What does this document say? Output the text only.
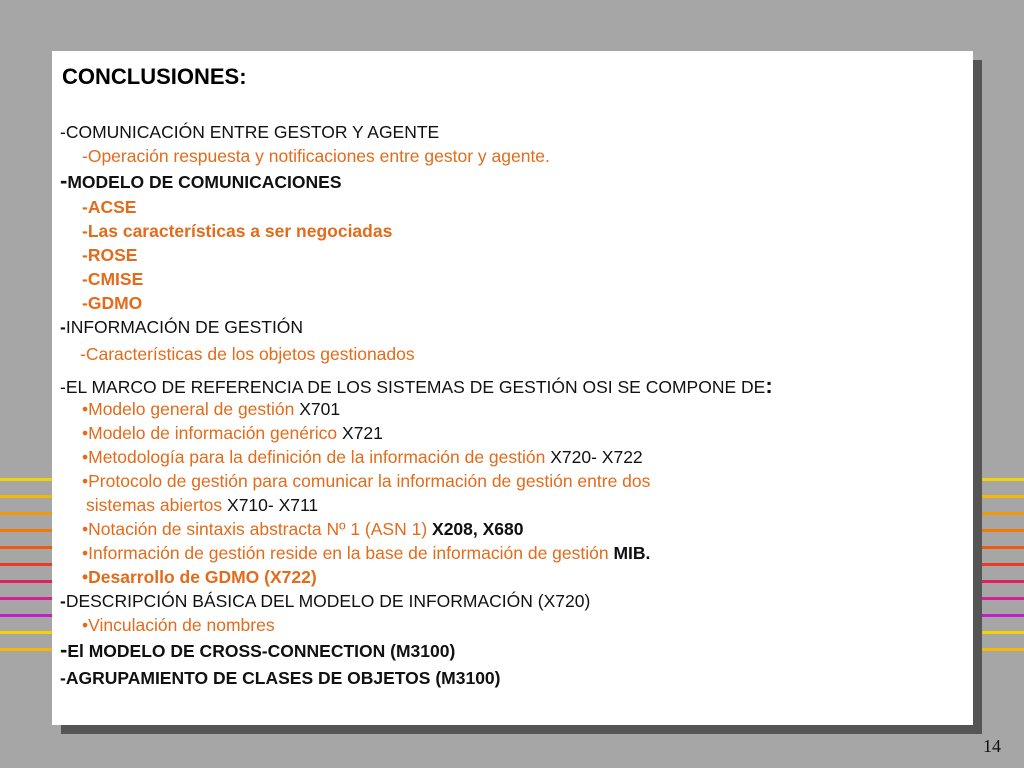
CONCLUSIONES:
-COMUNICACIÓN ENTRE GESTOR Y AGENTE
-Operación respuesta y notificaciones entre gestor y agente.
-MODELO DE COMUNICACIONES
-ACSE
-Las características a ser negociadas
-ROSE
-CMISE
-GDMO
-INFORMACIÓN DE GESTIÓN
-Características de los objetos gestionados
-EL MARCO DE REFERENCIA DE LOS SISTEMAS DE GESTIÓN OSI SE COMPONE DE:
•Modelo general de gestión X701
•Modelo de información genérico X721
•Metodología para la definición de la información de gestión X720- X722
•Protocolo de gestión para comunicar la información de gestión entre dos
sistemas abiertos X710- X711
•Notación de sintaxis abstracta Nº 1 (ASN 1) X208, X680
•Información de gestión reside en la base de información de gestión MIB.
•Desarrollo de GDMO (X722)
-DESCRIPCIÓN BÁSICA DEL MODELO DE INFORMACIÓN (X720)
•Vinculación de nombres
-El MODELO DE CROSS-CONNECTION (M3100)
-AGRUPAMIENTO DE CLASES DE OBJETOS (M3100)
14
